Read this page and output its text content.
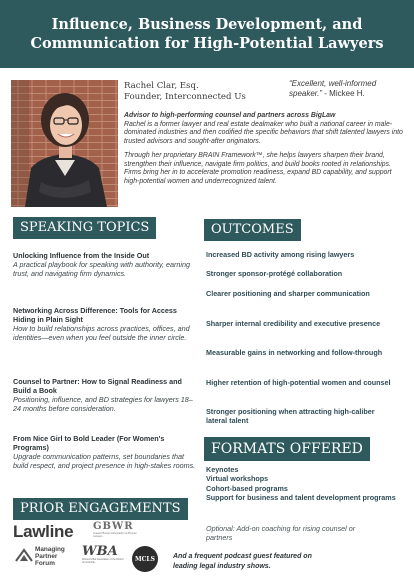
Influence, Business Development, and
Communication for High-Potential Lawyers
Rachel Clar, Esq.
Founder, Interconnected Us
“Excellent, well-informed speaker.” - Mickee H.
Advisor to high-performing counsel and partners across BigLaw
Rachel is a former lawyer and real estate dealmaker who built a national career in male-dominated industries and then codified the specific behaviors that shift talented lawyers into trusted advisors and sought-after originators.
Through her proprietary BRAIN Framework™, she helps lawyers sharpen their brand, strengthen their influence, navigate firm politics, and build books rooted in relationships. Firms bring her in to accelerate promotion readiness, expand BD capability, and support high-potential women and underrecognized talent.
SPEAKING TOPICS
Unlocking Influence from the Inside Out
A practical playbook for speaking with authority, earning trust, and navigating firm dynamics.
Networking Across Difference: Tools for Access Hiding in Plain Sight
How to build relationships across practices, offices, and identities—even when you feel outside the inner circle.
Counsel to Partner: How to Signal Readiness and Build a Book
Positioning, influence, and BD strategies for lawyers 18–24 months before consideration.
From Nice Girl to Bold Leader (For Women's Programs)
Upgrade communication patterns, set boundaries that build respect, and project presence in high-stakes rooms.
OUTCOMES
Increased BD activity among rising lawyers
Stronger sponsor-protégé collaboration
Clearer positioning and sharper communication
Sharper internal credibility and executive presence
Measurable gains in networking and follow-through
Higher retention of high-potential women and counsel
Stronger positioning when attracting high-caliber lateral talent
FORMATS OFFERED
Keynotes
Virtual workshops
Cohort-based programs
Support for business and talent development programs
Optional: Add-on coaching for rising counsel or partners
PRIOR ENGAGEMENTS
Lawline GBWR
Greater Boston Association of Women Lawyers
Managing
Partner
Forum
WBA
Women's Bar Association of the District of Columbia	MCLS	And a frequent podcast guest featured on leading legal industry shows.
